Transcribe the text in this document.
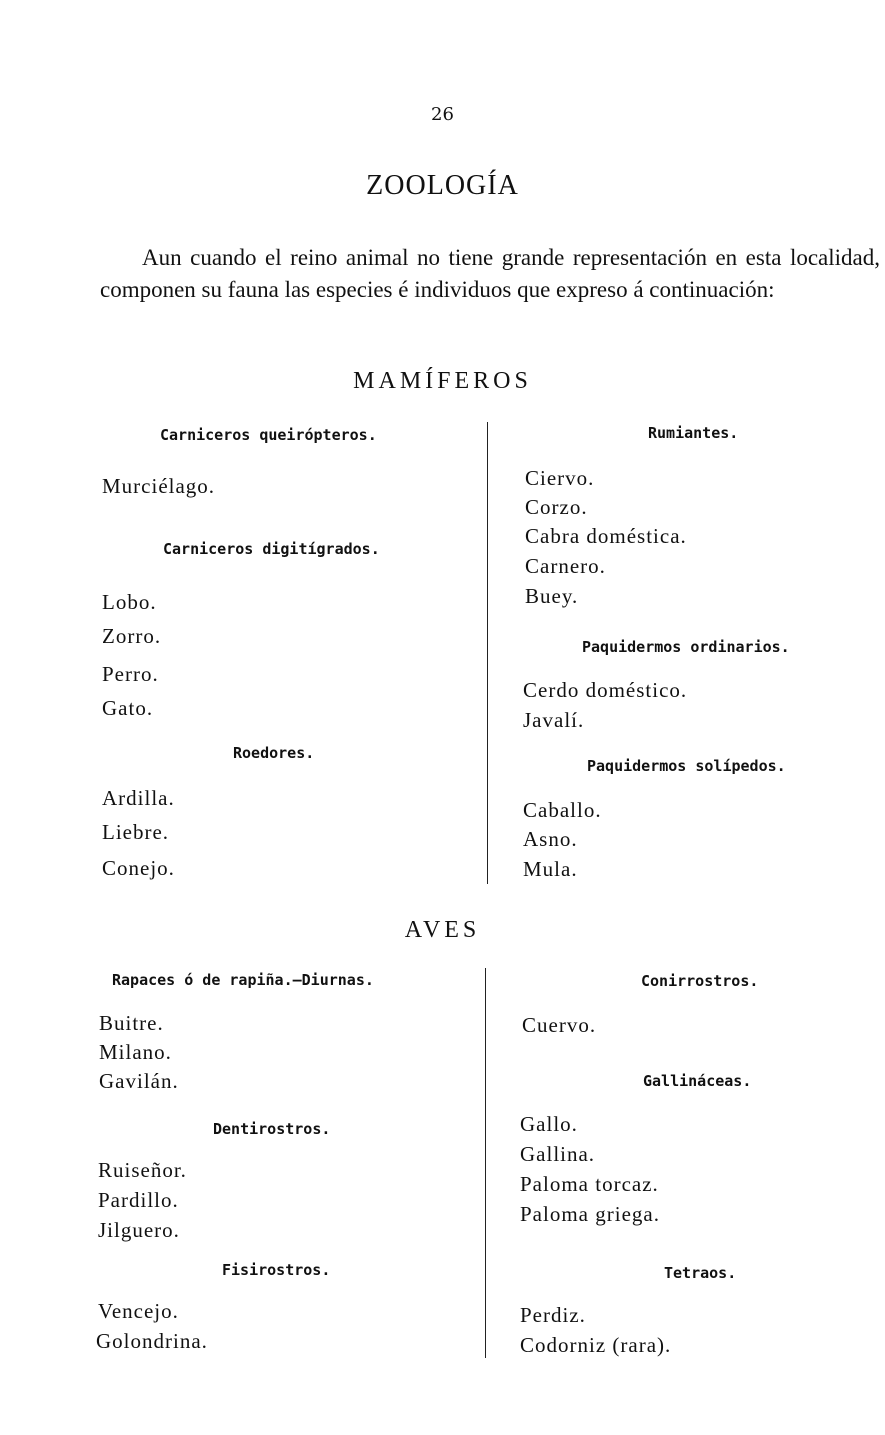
26
ZOOLOGÍA

Aun cuando el reino animal no tiene grande representación en esta localidad, componen su fauna las especies é individuos que expreso á continuación:

MAMÍFEROS
Carniceros queirópteros.
Murciélago.
Carniceros digitígrados.
Lobo.
Zorro.
Perro.
Gato.
Roedores.
Ardilla.
Liebre.
Conejo.
Rumiantes.
Ciervo.
Corzo.
Cabra doméstica.
Carnero.
Buey.
Paquidermos ordinarios.
Cerdo doméstico.
Javalí.
Paquidermos solípedos.
Caballo.
Asno.
Mula.
AVES
Rapaces ó de rapiña.—Diurnas.
Buitre.
Milano.
Gavilán.
Dentirostros.
Ruiseñor.
Pardillo.
Jilguero.
Fisirostros.
Vencejo.
Golondrina.
Conirrostros.
Cuervo.
Gallináceas.
Gallo.
Gallina.
Paloma torcaz.
Paloma griega.
Tetraos.
Perdiz.
Codorniz (rara).
